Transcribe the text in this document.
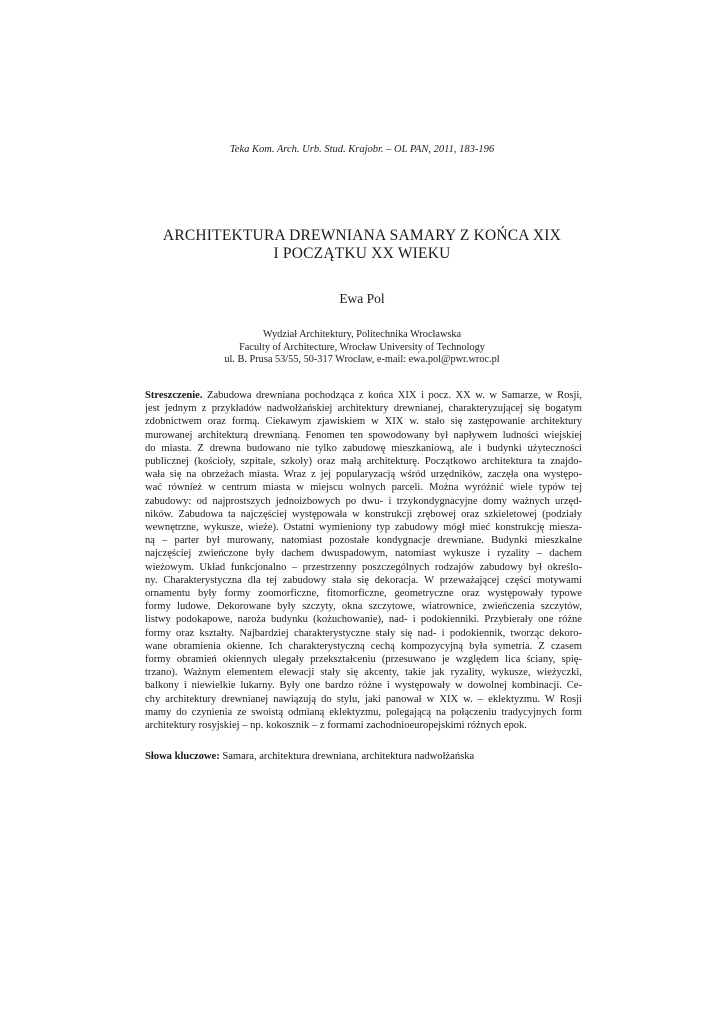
Teka Kom. Arch. Urb. Stud. Krajobr. – OL PAN, 2011, 183-196
ARCHITEKTURA DREWNIANA SAMARY Z KOŃCA XIX
I POCZĄTKU XX WIEKU
Ewa Pol
Wydział Architektury, Politechnika Wrocławska
Faculty of Architecture, Wrocław University of Technology
ul. B. Prusa 53/55, 50-317 Wrocław, e-mail: ewa.pol@pwr.wroc.pl
Streszczenie. Zabudowa drewniana pochodząca z końca XIX i pocz. XX w. w Samarze, w Rosji,
jest jednym z przykładów nadwołżańskiej architektury drewnianej, charakteryzującej się bogatym
zdobnictwem oraz formą. Ciekawym zjawiskiem w XIX w. stało się zastępowanie architektury
murowanej architekturą drewnianą. Fenomen ten spowodowany był napływem ludności wiejskiej
do miasta. Z drewna budowano nie tylko zabudowę mieszkaniową, ale i budynki użyteczności
publicznej (kościoły, szpitale, szkoły) oraz małą architekturę. Początkowo architektura ta znajdo-
wała się na obrzeżach miasta. Wraz z jej popularyzacją wśród urzędników, zaczęła ona występo-
wać również w centrum miasta w miejscu wolnych parceli. Można wyróżnić wiele typów tej
zabudowy: od najprostszych jednoizbowych po dwu- i trzykondygnacyjne domy ważnych urzęd-
ników. Zabudowa ta najczęściej występowała w konstrukcji zrębowej oraz szkieletowej (podziały
wewnętrzne, wykusze, wieże). Ostatni wymieniony typ zabudowy mógł mieć konstrukcję miesza-
ną – parter był murowany, natomiast pozostałe kondygnacje drewniane. Budynki mieszkalne
najczęściej zwieńczone były dachem dwuspadowym, natomiast wykusze i ryzality – dachem
wieżowym. Układ funkcjonalno – przestrzenny poszczególnych rodzajów zabudowy był określo-
ny. Charakterystyczna dla tej zabudowy stała się dekoracja. W przeważającej części motywami
ornamentu były formy zoomorficzne, fitomorficzne, geometryczne oraz występowały typowe
formy ludowe. Dekorowane były szczyty, okna szczytowe, wiatrownice, zwieńczenia szczytów,
listwy podokapowe, naroża budynku (kożuchowanie), nad- i podokienniki. Przybierały one różne
formy oraz kształty. Najbardziej charakterystyczne stały się nad- i podokiennik, tworząc dekoro-
wane obramienia okienne. Ich charakterystyczną cechą kompozycyjną była symetria. Z czasem
formy obramień okiennych ulegały przekształceniu (przesuwano je względem lica ściany, spię-
trzano). Ważnym elementem elewacji stały się akcenty, takie jak ryzality, wykusze, wieżyczki,
balkony i niewielkie lukarny. Były one bardzo różne i występowały w dowolnej kombinacji. Ce-
chy architektury drewnianej nawiązują do stylu, jaki panował w XIX w. – eklektyzmu. W Rosji
mamy do czynienia ze swoistą odmianą eklektyzmu, polegającą na połączeniu tradycyjnych form
architektury rosyjskiej – np. kokosznik – z formami zachodnioeuropejskimi różnych epok.
Słowa kluczowe: Samara, architektura drewniana, architektura nadwołżańska
